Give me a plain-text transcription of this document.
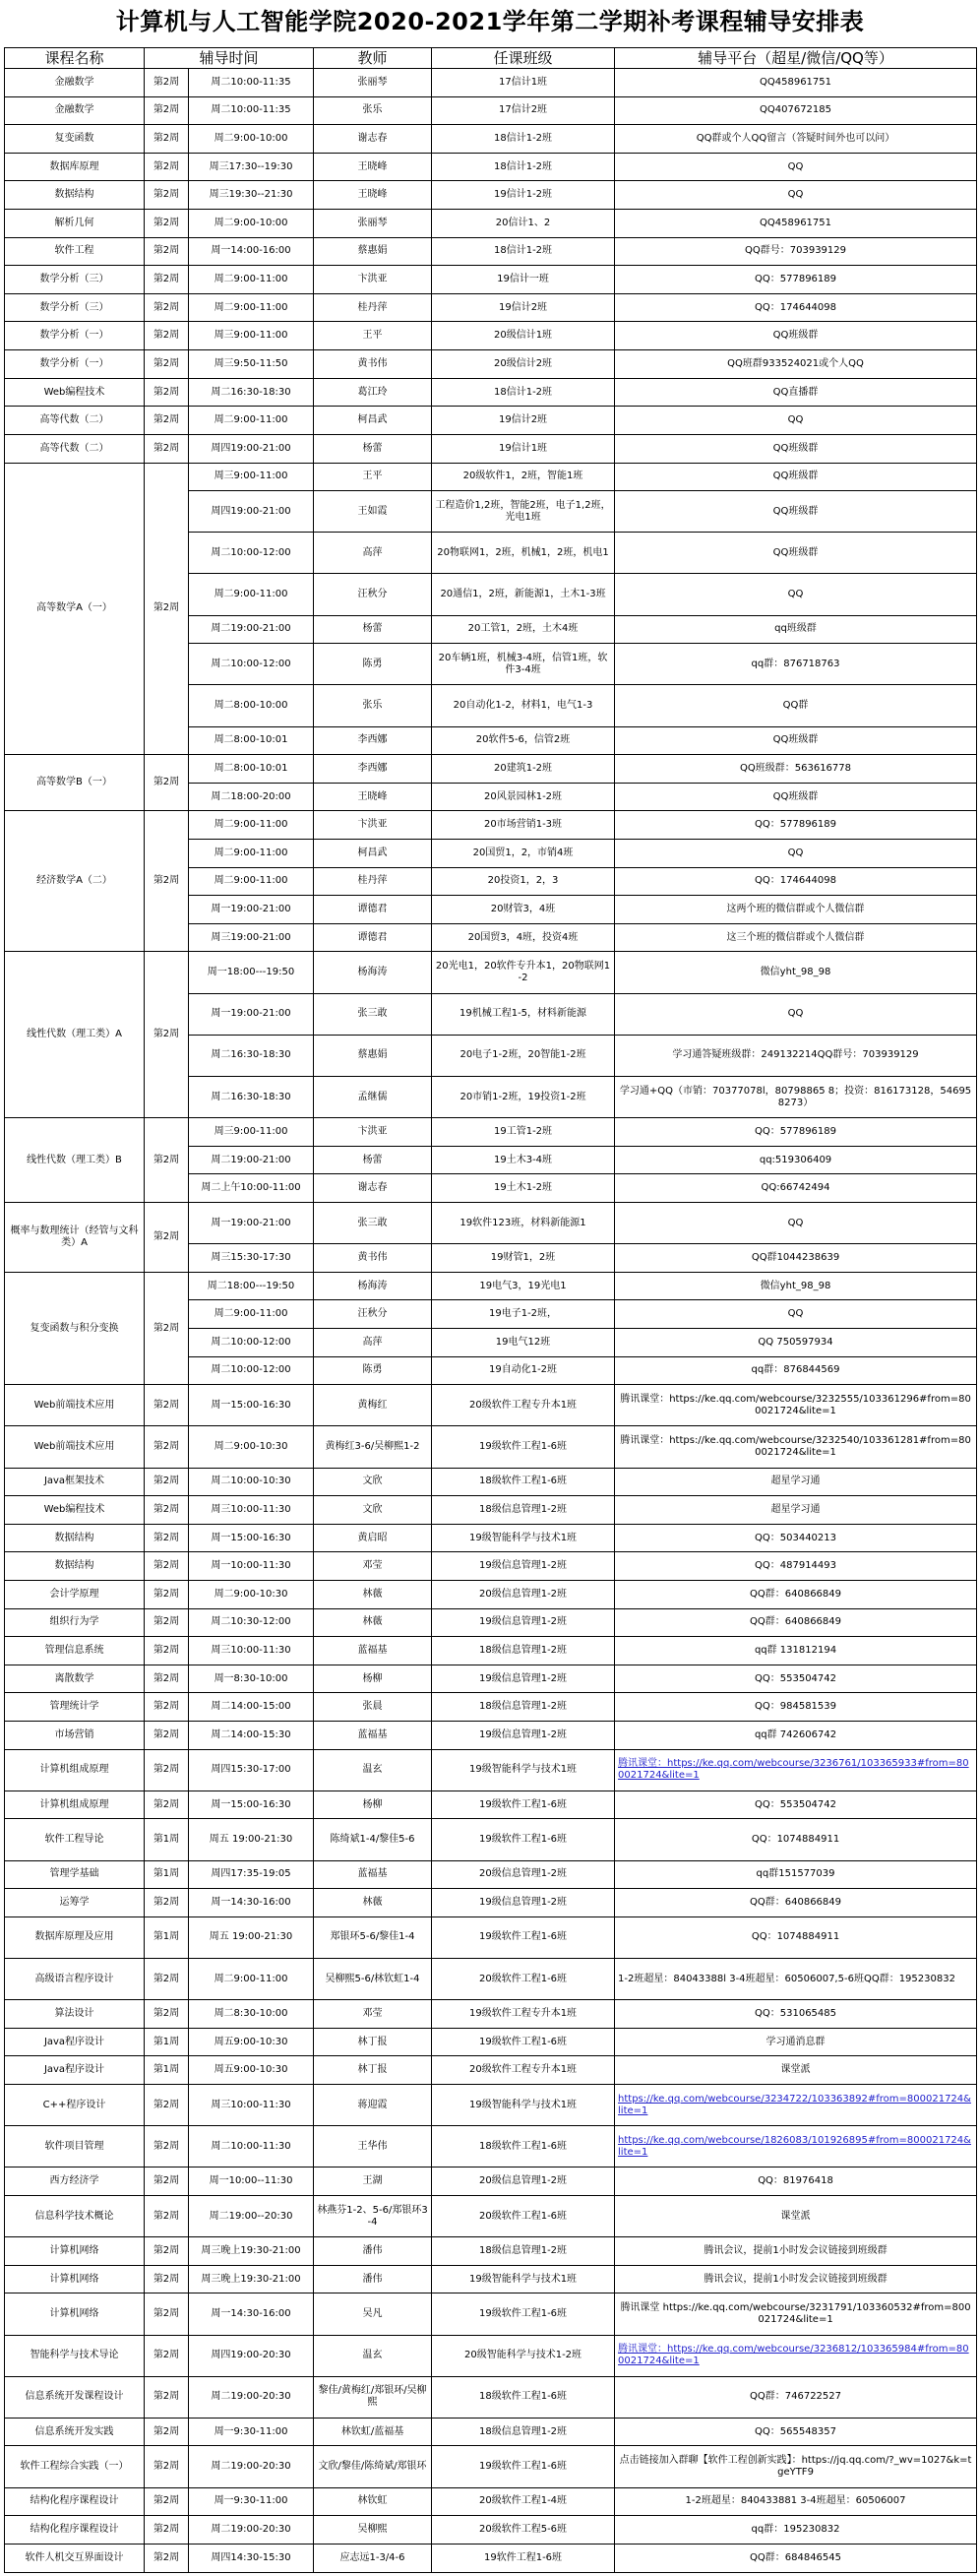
计算机与人工智能学院2020-2021学年第二学期补考课程辅导安排表
课程名称	辅导时间		教师	任课班级	辅导平台（超星/微信/QQ等）
金融数学	第2周	周二10:00-11:35	张丽琴	17信计1班	QQ458961751
金融数学	第2周	周二10:00-11:35	张乐	17信计2班	QQ407672185
复变函数	第2周	周二9:00-10:00	谢志春	18信计1-2班	QQ群或个人QQ留言（答疑时间外也可以问）
数据库原理	第2周	周三17:30--19:30	王晓峰	18信计1-2班	QQ
数据结构	第2周	周三19:30--21:30	王晓峰	19信计1-2班	QQ
解析几何	第2周	周二9:00-10:00	张丽琴	20信计1、2	QQ458961751
软件工程	第2周	周一14:00-16:00	蔡惠娟	18信计1-2班	QQ群号：703939129
数学分析（三）	第2周	周二9:00-11:00	卞洪亚	19信计一班	QQ：577896189
数学分析（三）	第2周	周二9:00-11:00	桂丹萍	19信计2班	QQ：174644098
数学分析（一）	第2周	周三9:00-11:00	王平	20级信计1班	QQ班级群
数学分析（一）	第2周	周三9:50-11:50	黄书伟	20级信计2班	QQ班群933524021或个人QQ
Web编程技术	第2周	周二16:30-18:30	葛江玲	18信计1-2班	QQ直播群
高等代数（二）	第2周	周二9:00-11:00	柯昌武	19信计2班	QQ
高等代数（二）	第2周	周四19:00-21:00	杨蕾	19信计1班	QQ班级群
高等数学A（一）	第2周	周三9:00-11:00	王平	20级软件1，2班，智能1班	QQ班级群
		周四19:00-21:00	王如霞	工程造价1,2班，智能2班，电子1,2班，光电1班	QQ班级群
		周二10:00-12:00	高萍	20物联网1，2班，机械1，2班，机电1	QQ班级群
		周二9:00-11:00	汪秋分	20通信1，2班，新能源1，土木1-3班	QQ
		周二19:00-21:00	杨蕾	20工管1，2班，土木4班	qq班级群
		周二10:00-12:00	陈勇	20车辆1班，机械3-4班，信管1班，软件3-4班	qq群：876718763
		周二8:00-10:00	张乐	20自动化1-2，材料1，电气1-3	QQ群
		周二8:00-10:01	李西娜	20软件5-6，信管2班	QQ班级群
高等数学B（一）	第2周	周二8:00-10:01	李西娜	20建筑1-2班	QQ班级群：563616778
		周二18:00-20:00	王晓峰	20风景园林1-2班	QQ班级群
经济数学A（二）	第2周	周二9:00-11:00	卞洪亚	20市场营销1-3班	QQ：577896189
		周二9:00-11:00	柯昌武	20国贸1，2，市销4班	QQ
		周二9:00-11:00	桂丹萍	20投资1，2，3	QQ：174644098
		周一19:00-21:00	谭德君	20财管3，4班	这两个班的微信群或个人微信群
		周三19:00-21:00	谭德君	20国贸3，4班，投资4班	这三个班的微信群或个人微信群
线性代数（理工类）A	第2周	周一18:00---19:50	杨海涛	20光电1，20软件专升本1，20物联网1-2	微信yht_98_98
		周一19:00-21:00	张三敢	19机械工程1-5，材料新能源	QQ
		周二16:30-18:30	蔡惠娟	20电子1-2班，20智能1-2班	学习通答疑班级群：249132214QQ群号：703939129
		周二16:30-18:30	孟继儒	20市销1-2班，19投资1-2班	学习通+QQ（市销：70377078l，80798865 8；投资：816173128，546958273）
线性代数（理工类）B	第2周	周三9:00-11:00	卞洪亚	19工管1-2班	QQ：577896189
		周二19:00-21:00	杨蕾	19土木3-4班	qq:519306409
		周二上午10:00-11:00	谢志春	19土木1-2班	QQ:66742494
概率与数理统计（经管与文科类）A	第2周	周一19:00-21:00	张三敢	19软件123班，材料新能源1	QQ
		周三15:30-17:30	黄书伟	19财管1，2班	QQ群1044238639
复变函数与积分变换	第2周	周二18:00---19:50	杨海涛	19电气3，19光电1	微信yht_98_98
		周二9:00-11:00	汪秋分	19电子1-2班，	QQ
		周二10:00-12:00	高萍	19电气12班	QQ 750597934
		周二10:00-12:00	陈勇	19自动化1-2班	qq群：876844569
Web前端技术应用	第2周	周一15:00-16:30	黄梅红	20级软件工程专升本1班	腾讯课堂：https://ke.qq.com/webcourse/3232555/103361296#from=800021724&lite=1
Web前端技术应用	第2周	周二9:00-10:30	黄梅红3-6/吴柳熙1-2	19级软件工程1-6班	腾讯课堂：https://ke.qq.com/webcourse/3232540/103361281#from=800021724&lite=1
Java框架技术	第2周	周二10:00-10:30	文欣	18级软件工程1-6班	超星学习通
Web编程技术	第2周	周三10:00-11:30	文欣	18级信息管理1-2班	超星学习通
数据结构	第2周	周一15:00-16:30	黄启昭	19级智能科学与技术1班	QQ：503440213
数据结构	第2周	周一10:00-11:30	邓莹	19级信息管理1-2班	QQ：487914493
会计学原理	第2周	周二9:00-10:30	林薇	20级信息管理1-2班	QQ群：640866849
组织行为学	第2周	周二10:30-12:00	林薇	19级信息管理1-2班	QQ群：640866849
管理信息系统	第2周	周三10:00-11:30	蓝福基	18级信息管理1-2班	qq群 131812194
离散数学	第2周	周一8:30-10:00	杨柳	19级信息管理1-2班	QQ：553504742
管理统计学	第2周	周二14:00-15:00	张晨	18级信息管理1-2班	QQ：984581539
市场营销	第2周	周二14:00-15:30	蓝福基	19级信息管理1-2班	qq群 742606742
计算机组成原理	第2周	周四15:30-17:00	温玄	19级智能科学与技术1班	腾讯课堂：https://ke.qq.com/webcourse/3236761/103365933#from=800021724&lite=1
计算机组成原理	第2周	周一15:00-16:30	杨柳	19级软件工程1-6班	QQ：553504742
软件工程导论	第1周	周五 19:00-21:30	陈绮斌1-4/黎佳5-6	19级软件工程1-6班	QQ：1074884911
管理学基础	第1周	周四17:35-19:05	蓝福基	20级信息管理1-2班	qq群151577039
运筹学	第2周	周一14:30-16:00	林薇	19级信息管理1-2班	QQ群：640866849
数据库原理及应用	第1周	周五 19:00-21:30	郑银环5-6/黎佳1-4	19级软件工程1-6班	QQ：1074884911
高级语言程序设计	第2周	周二9:00-11:00	吴柳熙5-6/林钦虹1-4	20级软件工程1-6班	1-2班超星：84043388l 3-4班超星：60506007,5-6班QQ群：195230832
算法设计	第2周	周二8:30-10:00	邓莹	19级软件工程专升本1班	QQ：531065485
Java程序设计	第1周	周五9:00-10:30	林丁报	19级软件工程1-6班	学习通消息群
Java程序设计	第1周	周五9:00-10:30	林丁报	20级软件工程专升本1班	课堂派
C++程序设计	第2周	周三10:00-11:30	蒋迎霞	19级智能科学与技术1班	https://ke.qq.com/webcourse/3234722/103363892#from=800021724&lite=1
软件项目管理	第2周	周二10:00-11:30	王华伟	18级软件工程1-6班	https://ke.qq.com/webcourse/1826083/101926895#from=800021724&lite=1
西方经济学	第2周	周一10:00--11:30	王湖	20级信息管理1-2班	QQ：81976418
信息科学技术概论	第2周	周二19:00--20:30	林燕芬1-2、5-6/郑银环3-4	20级软件工程1-6班	课堂派
计算机网络	第2周	周三晚上19:30-21:00	潘伟	18级信息管理1-2班	腾讯会议，提前1小时发会议链接到班级群
计算机网络	第2周	周三晚上19:30-21:00	潘伟	19级智能科学与技术1班	腾讯会议，提前1小时发会议链接到班级群
计算机网络	第2周	周一14:30-16:00	吴凡	19级软件工程1-6班	腾讯课堂 https://ke.qq.com/webcourse/3231791/103360532#from=800021724&lite=1
智能科学与技术导论	第2周	周四19:00-20:30	温玄	20级智能科学与技术1-2班	腾讯课堂：https://ke.qq.com/webcourse/3236812/103365984#from=800021724&lite=1
信息系统开发课程设计	第2周	周二19:00-20:30	黎佳/黄梅红/郑银环/吴柳熙	18级软件工程1-6班	QQ群：746722527
信息系统开发实践	第2周	周一9:30-11:00	林钦虹/蓝福基	18级信息管理1-2班	QQ：565548357
软件工程综合实践（一）	第2周	周二19:00-20:30	文欣/黎佳/陈绮斌/郑银环	19级软件工程1-6班	点击链接加入群聊【软件工程创新实践】：https://jq.qq.com/?_wv=1027&k=tgeYTF9
结构化程序课程设计	第2周	周一9:30-11:00	林钦虹	20级软件工程1-4班	1-2班超星：840433881 3-4班超星：60506007
结构化程序课程设计	第2周	周二19:00-20:30	吴柳熙	20级软件工程5-6班	qq群：195230832
软件人机交互界面设计	第2周	周四14:30-15:30	应志远1-3/4-6	19软件工程1-6班	QQ群：684846545
